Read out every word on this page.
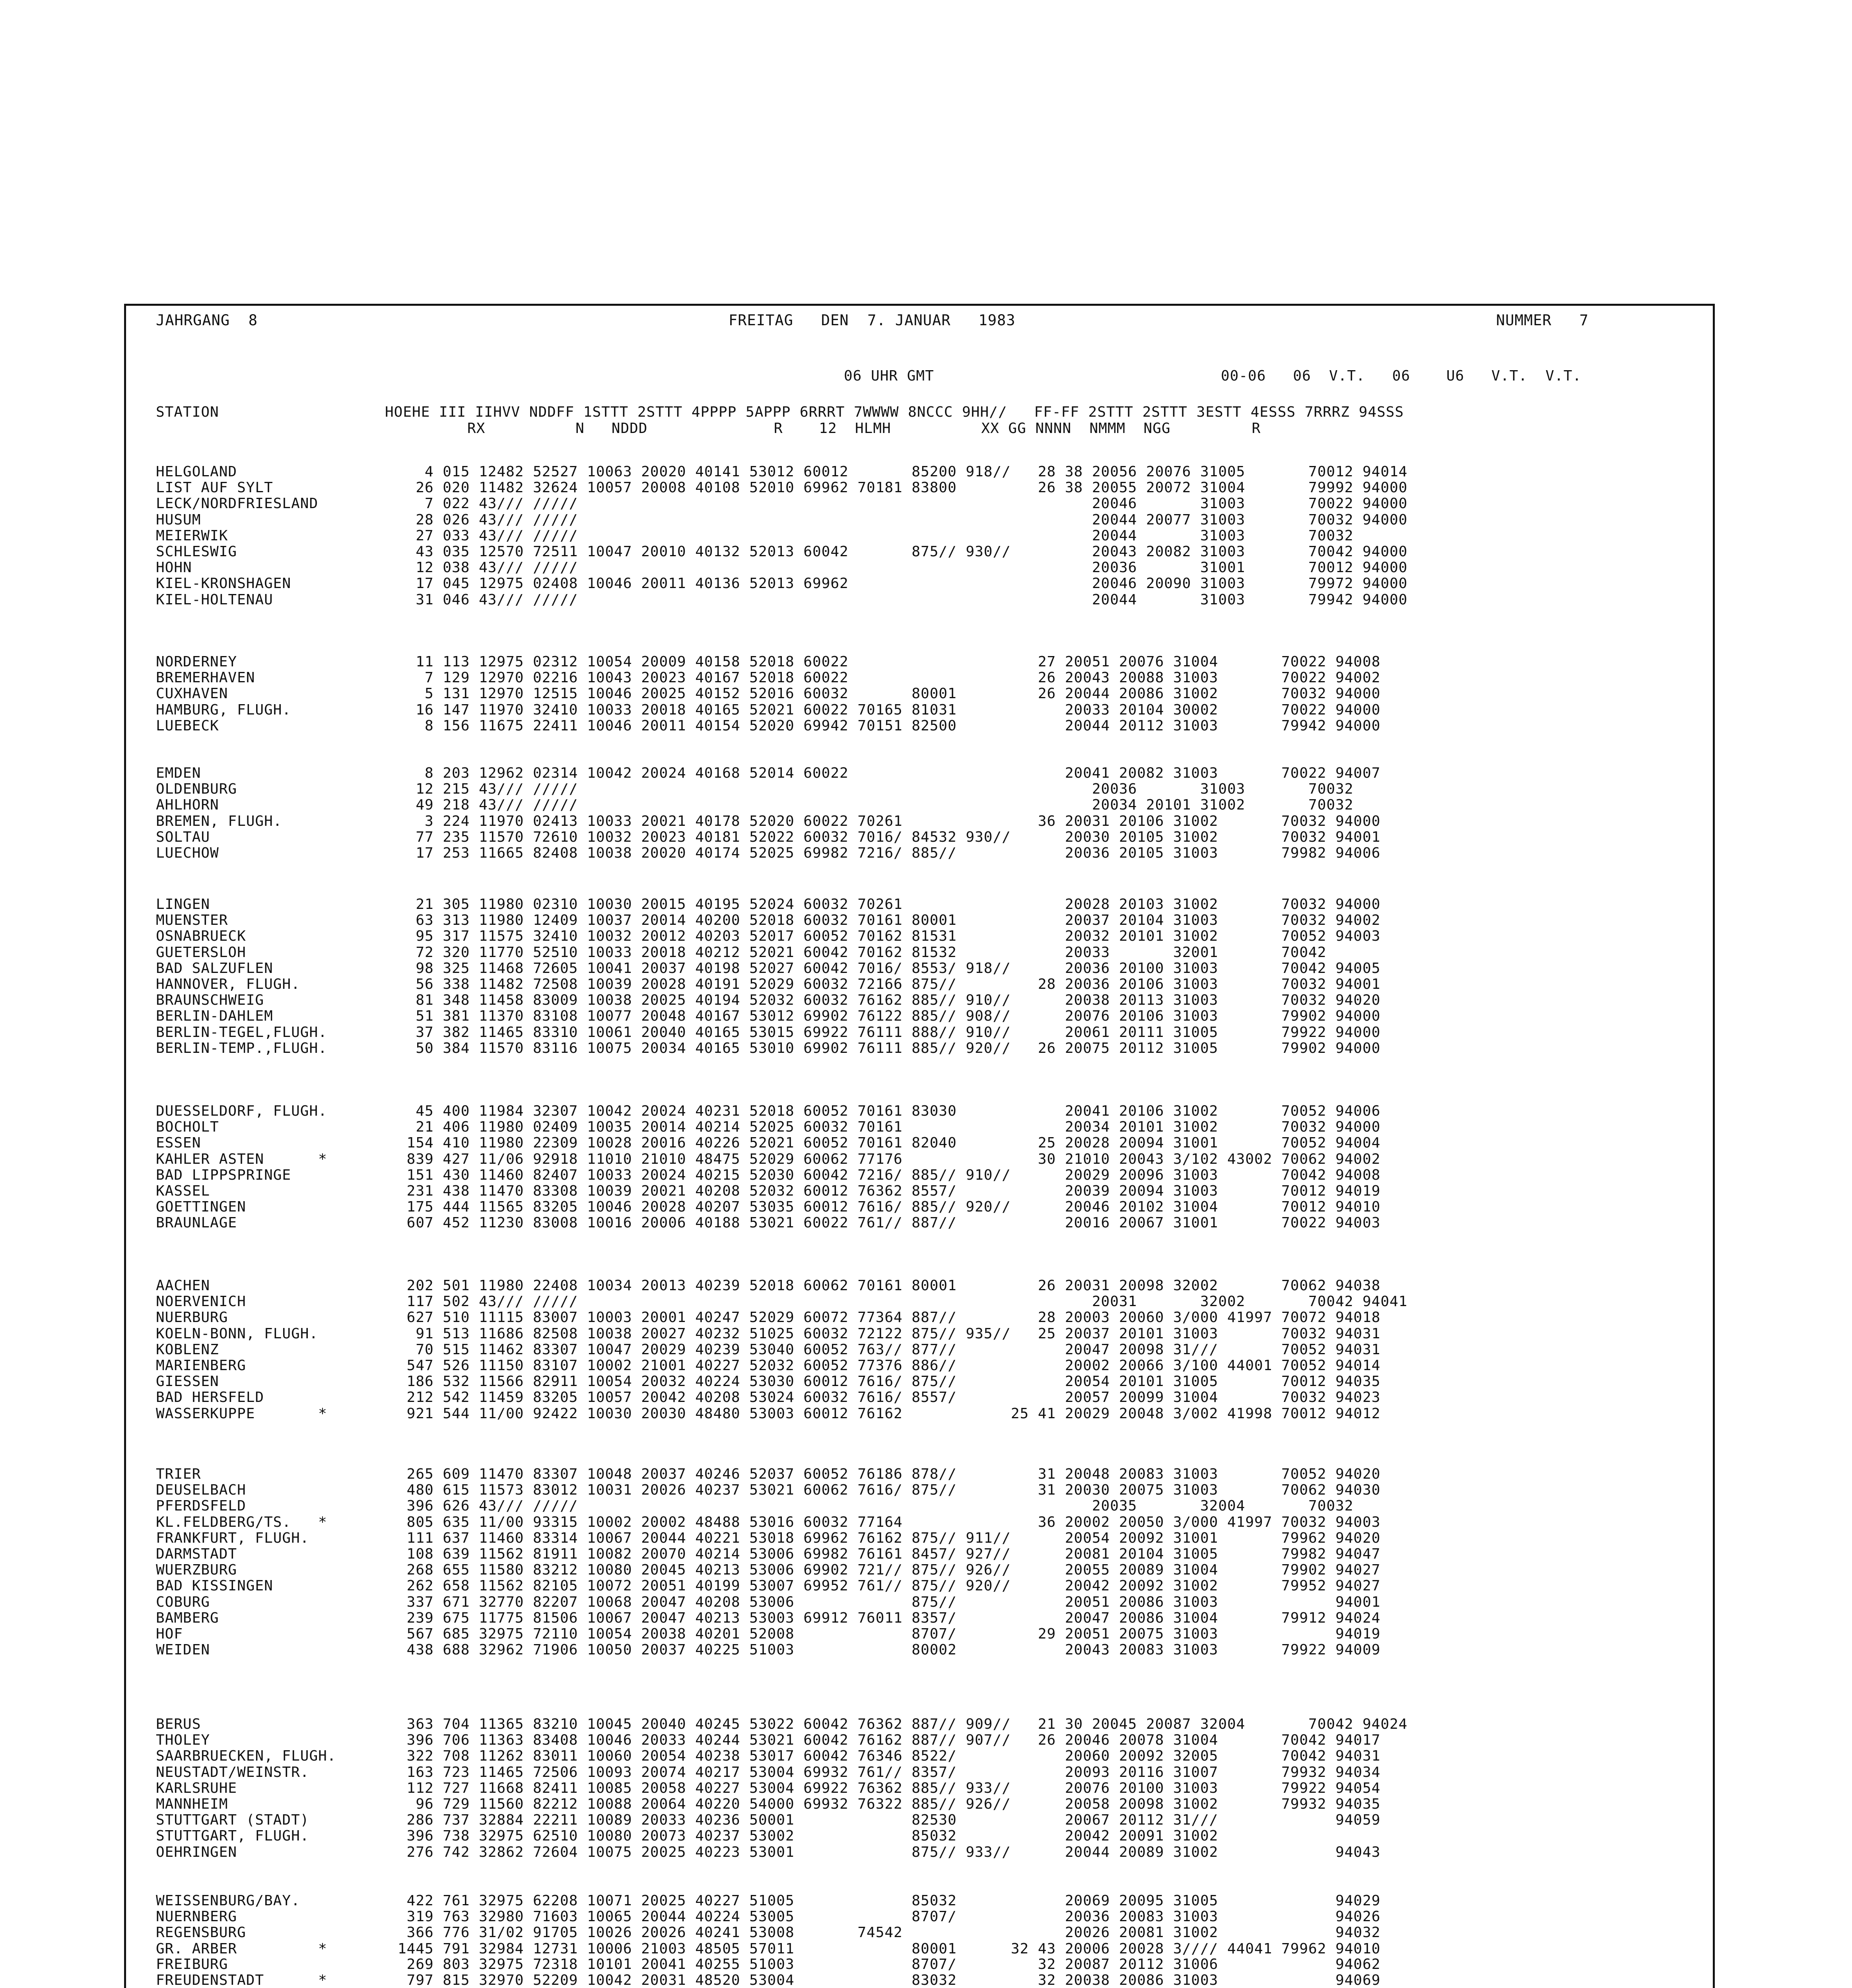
JAHRGANG  8	FREITAG   DEN  7. JANUAR   1983	NUMMER   7
06 UHR GMT	00-06   06  V.T.   06    U6   V.T.  V.T.
STATION	HOEHE III IIHVV NDDFF 1STTT 2STTT 4PPPP 5APPP 6RRRT 7WWWW 8NCCC 9HH//   FF-FF 2STTT 2STTT 3ESTT 4ESSS 7RRRZ 94SSS
RX          N   NDDD              R    12  HLMH          XX GG NNNN  NMMM  NGG         R
HELGOLAND	4 015 12482 52527 10063 20020 40141 53012 60012       85200 918//   28 38 20056 20076 31005       70012 94014
LIST AUF SYLT	26 020 11482 32624 10057 20008 40108 52010 69962 70181 83800         26 38 20055 20072 31004       79992 94000
LECK/NORDFRIESLAND	7 022 43/// /////                                                         20046       31003       70022 94000
HUSUM	28 026 43/// /////                                                         20044 20077 31003       70032 94000
MEIERWIK	27 033 43/// /////                                                         20044       31003       70032
SCHLESWIG	43 035 12570 72511 10047 20010 40132 52013 60042       875// 930//         20043 20082 31003       70042 94000
HOHN	12 038 43/// /////                                                         20036       31001       70012 94000
KIEL-KRONSHAGEN	17 045 12975 02408 10046 20011 40136 52013 69962                           20046 20090 31003       79972 94000
KIEL-HOLTENAU	31 046 43/// /////                                                         20044       31003       79942 94000
NORDERNEY	11 113 12975 02312 10054 20009 40158 52018 60022                     27 20051 20076 31004       70022 94008
BREMERHAVEN	7 129 12970 02216 10043 20023 40167 52018 60022                     26 20043 20088 31003       70022 94002
CUXHAVEN	5 131 12970 12515 10046 20025 40152 52016 60032       80001         26 20044 20086 31002       70032 94000
HAMBURG, FLUGH.	16 147 11970 32410 10033 20018 40165 52021 60022 70165 81031            20033 20104 30002       70022 94000
LUEBECK	8 156 11675 22411 10046 20011 40154 52020 69942 70151 82500            20044 20112 31003       79942 94000
EMDEN	8 203 12962 02314 10042 20024 40168 52014 60022                        20041 20082 31003       70022 94007
OLDENBURG	12 215 43/// /////                                                         20036       31003       70032
AHLHORN	49 218 43/// /////                                                         20034 20101 31002       70032
BREMEN, FLUGH.	3 224 11970 02413 10033 20021 40178 52020 60022 70261               36 20031 20106 31002       70032 94000
SOLTAU	77 235 11570 72610 10032 20023 40181 52022 60032 7016/ 84532 930//      20030 20105 31002       70032 94001
LUECHOW	17 253 11665 82408 10038 20020 40174 52025 69982 7216/ 885//            20036 20105 31003       79982 94006
LINGEN	21 305 11980 02310 10030 20015 40195 52024 60032 70261                  20028 20103 31002       70032 94000
MUENSTER	63 313 11980 12409 10037 20014 40200 52018 60032 70161 80001            20037 20104 31003       70032 94002
OSNABRUECK	95 317 11575 32410 10032 20012 40203 52017 60052 70162 81531            20032 20101 31002       70052 94003
GUETERSLOH	72 320 11770 52510 10033 20018 40212 52021 60042 70162 81532            20033       32001       70042
BAD SALZUFLEN	98 325 11468 72605 10041 20037 40198 52027 60042 7016/ 8553/ 918//      20036 20100 31003       70042 94005
HANNOVER, FLUGH.	56 338 11482 72508 10039 20028 40191 52029 60032 72166 875//         28 20036 20106 31003       70032 94001
BRAUNSCHWEIG	81 348 11458 83009 10038 20025 40194 52032 60032 76162 885// 910//      20038 20113 31003       70032 94020
BERLIN-DAHLEM	51 381 11370 83108 10077 20048 40167 53012 69902 76122 885// 908//      20076 20106 31003       79902 94000
BERLIN-TEGEL,FLUGH.	37 382 11465 83310 10061 20040 40165 53015 69922 76111 888// 910//      20061 20111 31005       79922 94000
BERLIN-TEMP.,FLUGH.	50 384 11570 83116 10075 20034 40165 53010 69902 76111 885// 920//   26 20075 20112 31005       79902 94000
DUESSELDORF, FLUGH.	45 400 11984 32307 10042 20024 40231 52018 60052 70161 83030            20041 20106 31002       70052 94006
BOCHOLT	21 406 11980 02409 10035 20014 40214 52025 60032 70161                  20034 20101 31002       70032 94000
ESSEN	154 410 11980 22309 10028 20016 40226 52021 60052 70161 82040         25 20028 20094 31001       70052 94004
KAHLER ASTEN      *	839 427 11/06 92918 11010 21010 48475 52029 60062 77176               30 21010 20043 3/102 43002 70062 94002
BAD LIPPSPRINGE	151 430 11460 82407 10033 20024 40215 52030 60042 7216/ 885// 910//      20029 20096 31003       70042 94008
KASSEL	231 438 11470 83308 10039 20021 40208 52032 60012 76362 8557/            20039 20094 31003       70012 94019
GOETTINGEN	175 444 11565 83205 10046 20028 40207 53035 60012 7616/ 885// 920//      20046 20102 31004       70012 94010
BRAUNLAGE	607 452 11230 83008 10016 20006 40188 53021 60022 761// 887//            20016 20067 31001       70022 94003
AACHEN	202 501 11980 22408 10034 20013 40239 52018 60062 70161 80001         26 20031 20098 32002       70062 94038
NOERVENICH	117 502 43/// /////                                                         20031       32002       70042 94041
NUERBURG	627 510 11115 83007 10003 20001 40247 52029 60072 77364 887//         28 20003 20060 3/000 41997 70072 94018
KOELN-BONN, FLUGH.	91 513 11686 82508 10038 20027 40232 51025 60032 72122 875// 935//   25 20037 20101 31003       70032 94031
KOBLENZ	70 515 11462 83307 10047 20029 40239 53040 60052 763// 877//            20047 20098 31///       70052 94031
MARIENBERG	547 526 11150 83107 10002 21001 40227 52032 60052 77376 886//            20002 20066 3/100 44001 70052 94014
GIESSEN	186 532 11566 82911 10054 20032 40224 53030 60012 7616/ 875//            20054 20101 31005       70012 94035
BAD HERSFELD	212 542 11459 83205 10057 20042 40208 53024 60032 7616/ 8557/            20057 20099 31004       70032 94023
WASSERKUPPE       *	921 544 11/00 92422 10030 20030 48480 53003 60012 76162            25 41 20029 20048 3/002 41998 70012 94012
TRIER	265 609 11470 83307 10048 20037 40246 52037 60052 76186 878//         31 20048 20083 31003       70052 94020
DEUSELBACH	480 615 11573 83012 10031 20026 40237 53021 60062 7616/ 875//         31 20030 20075 31003       70062 94030
PFERDSFELD	396 626 43/// /////                                                         20035       32004       70032
KL.FELDBERG/TS.   *	805 635 11/00 93315 10002 20002 48488 53016 60032 77164               36 20002 20050 3/000 41997 70032 94003
FRANKFURT, FLUGH.	111 637 11460 83314 10067 20044 40221 53018 69962 76162 875// 911//      20054 20092 31001       79962 94020
DARMSTADT	108 639 11562 81911 10082 20070 40214 53006 69982 76161 8457/ 927//      20081 20104 31005       79982 94047
WUERZBURG	268 655 11580 83212 10080 20045 40213 53006 69902 721// 875// 926//      20055 20089 31004       79902 94027
BAD KISSINGEN	262 658 11562 82105 10072 20051 40199 53007 69952 761// 875// 920//      20042 20092 31002       79952 94027
COBURG	337 671 32770 82207 10068 20047 40208 53006             875//            20051 20086 31003             94001
BAMBERG	239 675 11775 81506 10067 20047 40213 53003 69912 76011 8357/            20047 20086 31004       79912 94024
HOF	567 685 32975 72110 10054 20038 40201 52008             8707/         29 20051 20075 31003             94019
WEIDEN	438 688 32962 71906 10050 20037 40225 51003             80002            20043 20083 31003       79922 94009
BERUS	363 704 11365 83210 10045 20040 40245 53022 60042 76362 887// 909//   21 30 20045 20087 32004       70042 94024
THOLEY	396 706 11363 83408 10046 20033 40244 53021 60042 76162 887// 907//   26 20046 20078 31004       70042 94017
SAARBRUECKEN, FLUGH.	322 708 11262 83011 10060 20054 40238 53017 60042 76346 8522/            20060 20092 32005       70042 94031
NEUSTADT/WEINSTR.	163 723 11465 72506 10093 20074 40217 53004 69932 761// 8357/            20093 20116 31007       79932 94034
KARLSRUHE	112 727 11668 82411 10085 20058 40227 53004 69922 76362 885// 933//      20076 20100 31003       79922 94054
MANNHEIM	96 729 11560 82212 10088 20064 40220 54000 69932 76322 885// 926//      20058 20098 31002       79932 94035
STUTTGART (STADT)	286 737 32884 22211 10089 20033 40236 50001             82530            20067 20112 31///             94059
STUTTGART, FLUGH.	396 738 32975 62510 10080 20073 40237 53002             85032            20042 20091 31002
OEHRINGEN	276 742 32862 72604 10075 20025 40223 53001             875// 933//      20044 20089 31002             94043
WEISSENBURG/BAY.	422 761 32975 62208 10071 20025 40227 51005             85032            20069 20095 31005             94029
NUERNBERG	319 763 32980 71603 10065 20044 40224 53005             8707/            20036 20083 31003             94026
REGENSBURG	366 776 31/02 91705 10026 20026 40241 53008       74542                  20026 20081 31002             94032
GR. ARBER         *	1445 791 32984 12731 10006 21003 48505 57011             80001      32 43 20006 20028 3//// 44041 79962 94010
FREIBURG	269 803 32975 72318 10101 20041 40255 51003             8707/         32 20087 20112 31006             94062
FREUDENSTADT      *	797 815 32970 52209 10042 20031 48520 53004             83032         32 20038 20086 31003             94069
